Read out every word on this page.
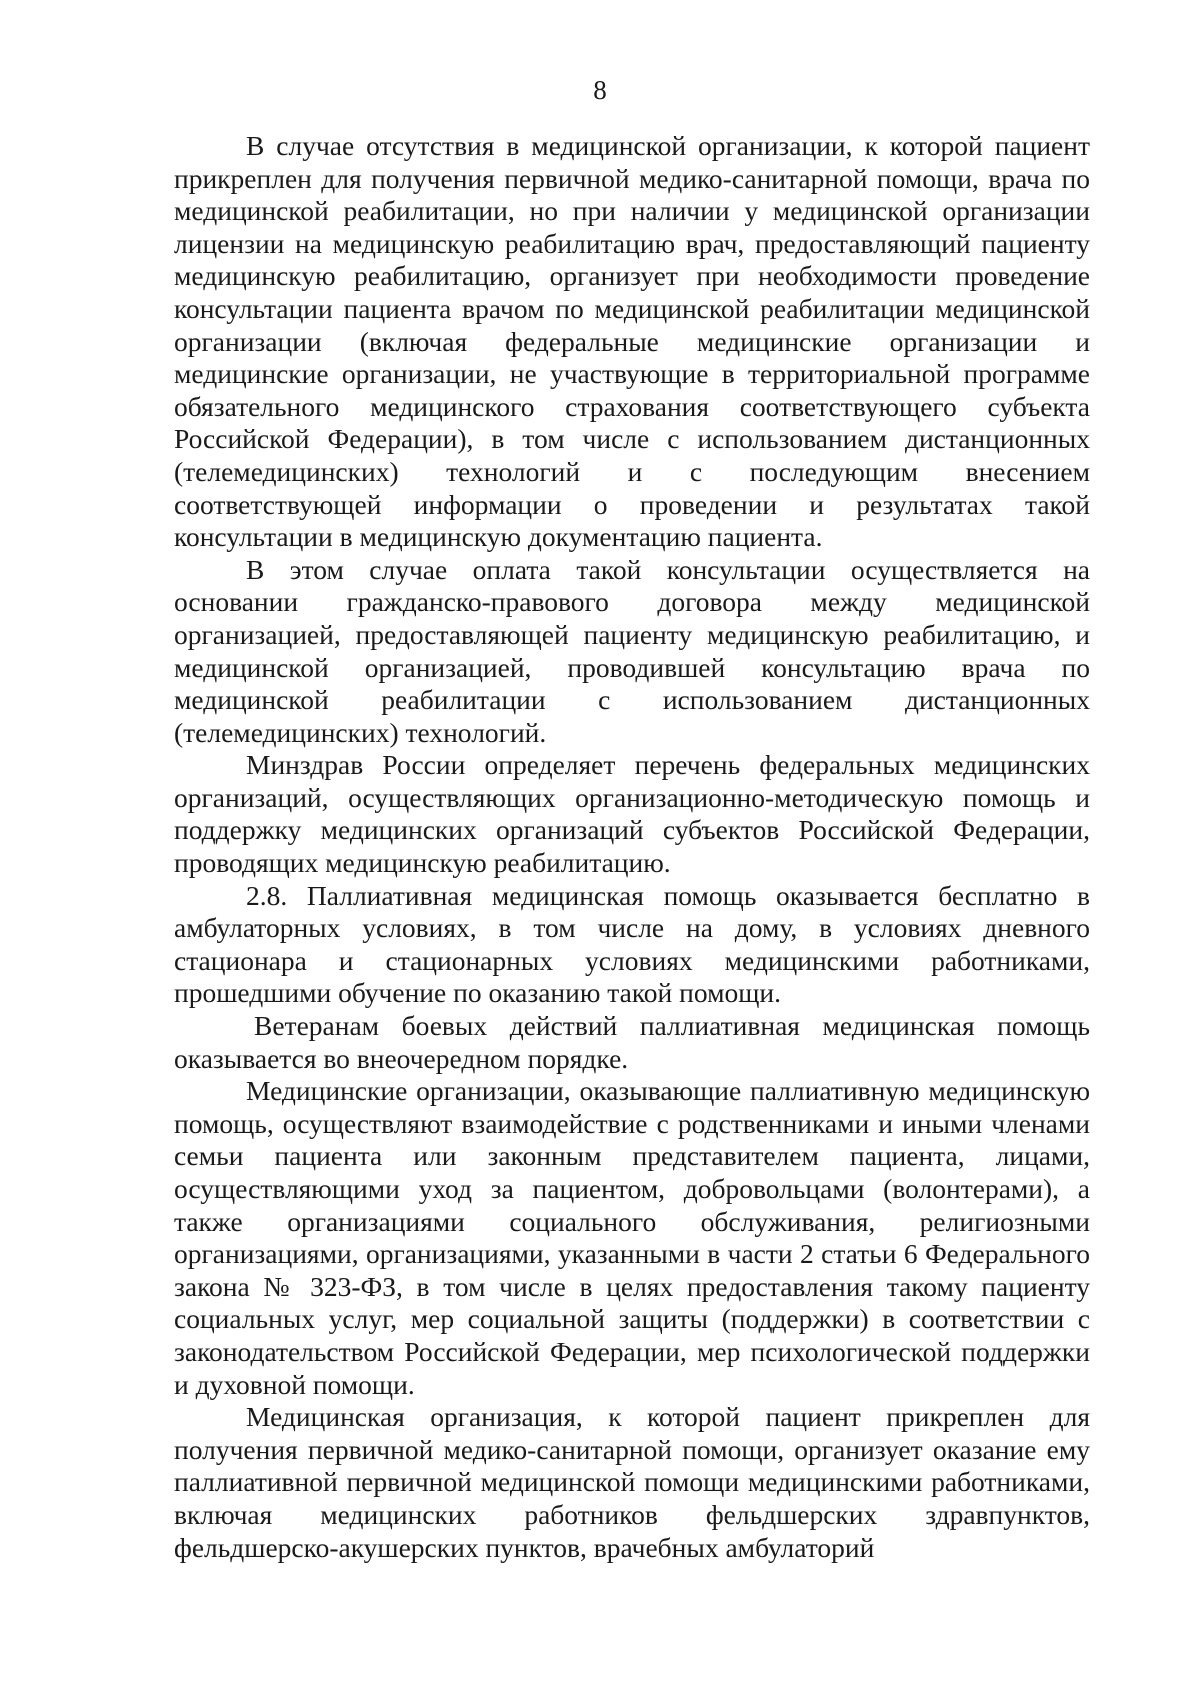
8

В случае отсутствия в медицинской организации, к которой пациент прикреплен для получения первичной медико-санитарной помощи, врача по медицинской реабилитации, но при наличии у медицинской организации лицензии на медицинскую реабилитацию врач, предоставляющий пациенту медицинскую реабилитацию, организует при необходимости проведение консультации пациента врачом по медицинской реабилитации медицинской организации (включая федеральные медицинские организации и медицинские организации, не участвующие в территориальной программе обязательного медицинского страхования соответствующего субъекта Российской Федерации), в том числе с использованием дистанционных (телемедицинских) технологий и с последующим внесением соответствующей информации о проведении и результатах такой консультации в медицинскую документацию пациента.

В этом случае оплата такой консультации осуществляется на основании гражданско-правового договора между медицинской организацией, предоставляющей пациенту медицинскую реабилитацию, и медицинской организацией, проводившей консультацию врача по медицинской реабилитации с использованием дистанционных (телемедицинских) технологий.

Минздрав России определяет перечень федеральных медицинских организаций, осуществляющих организационно-методическую помощь и поддержку медицинских организаций субъектов Российской Федерации, проводящих медицинскую реабилитацию.

2.8. Паллиативная медицинская помощь оказывается бесплатно в амбулаторных условиях, в том числе на дому, в условиях дневного стационара и стационарных условиях медицинскими работниками, прошедшими обучение по оказанию такой помощи.

Ветеранам боевых действий паллиативная медицинская помощь оказывается во внеочередном порядке.

Медицинские организации, оказывающие паллиативную медицинскую помощь, осуществляют взаимодействие с родственниками и иными членами семьи пациента или законным представителем пациента, лицами, осуществляющими уход за пациентом, добровольцами (волонтерами), а также организациями социального обслуживания, религиозными организациями, организациями, указанными в части 2 статьи 6 Федерального закона № 323-ФЗ, в том числе в целях предоставления такому пациенту социальных услуг, мер социальной защиты (поддержки) в соответствии с законодательством Российской Федерации, мер психологической поддержки и духовной помощи.

Медицинская организация, к которой пациент прикреплен для получения первичной медико-санитарной помощи, организует оказание ему паллиативной первичной медицинской помощи медицинскими работниками, включая медицинских работников фельдшерских здравпунктов, фельдшерско-акушерских пунктов, врачебных амбулаторий
